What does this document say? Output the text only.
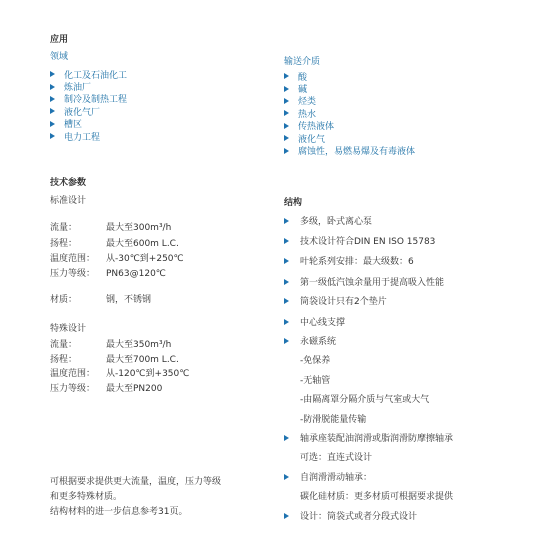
应用
领域
化工及石油化工
炼油厂
制冷及制热工程
液化气厂
槽区
电力工程
输送介质
酸
碱
烃类
热水
传热液体
液化气
腐蚀性，易燃易爆及有毒液体
技术参数
标准设计
流量：	最大至300m³/h
扬程：	最大至600m L.C.
温度范围：	从-30℃到+250℃
压力等级：	PN63@120℃
材质：	钢，不锈钢
特殊设计
流量：	最大至350m³/h
扬程：	最大至700m L.C.
温度范围：	从-120℃到+350℃
压力等级：	最大至PN200
可根据要求提供更大流量，温度，压力等级
和更多特殊材质。
结构材料的进一步信息参考31页。
结构
多级，卧式离心泵
技术设计符合DIN EN ISO 15783
叶轮系列安排：最大级数：6
第一级低汽蚀余量用于提高吸入性能
筒袋设计只有2个垫片
中心线支撑
永磁系统
-免保养
-无轴管
-由隔离罩分隔介质与气室或大气
-防滑脱能量传输
轴承座装配油润滑或脂润滑防摩擦轴承
可选：直连式设计
自润滑滑动轴承：
碳化硅材质：更多材质可根据要求提供
设计：筒袋式或者分段式设计
